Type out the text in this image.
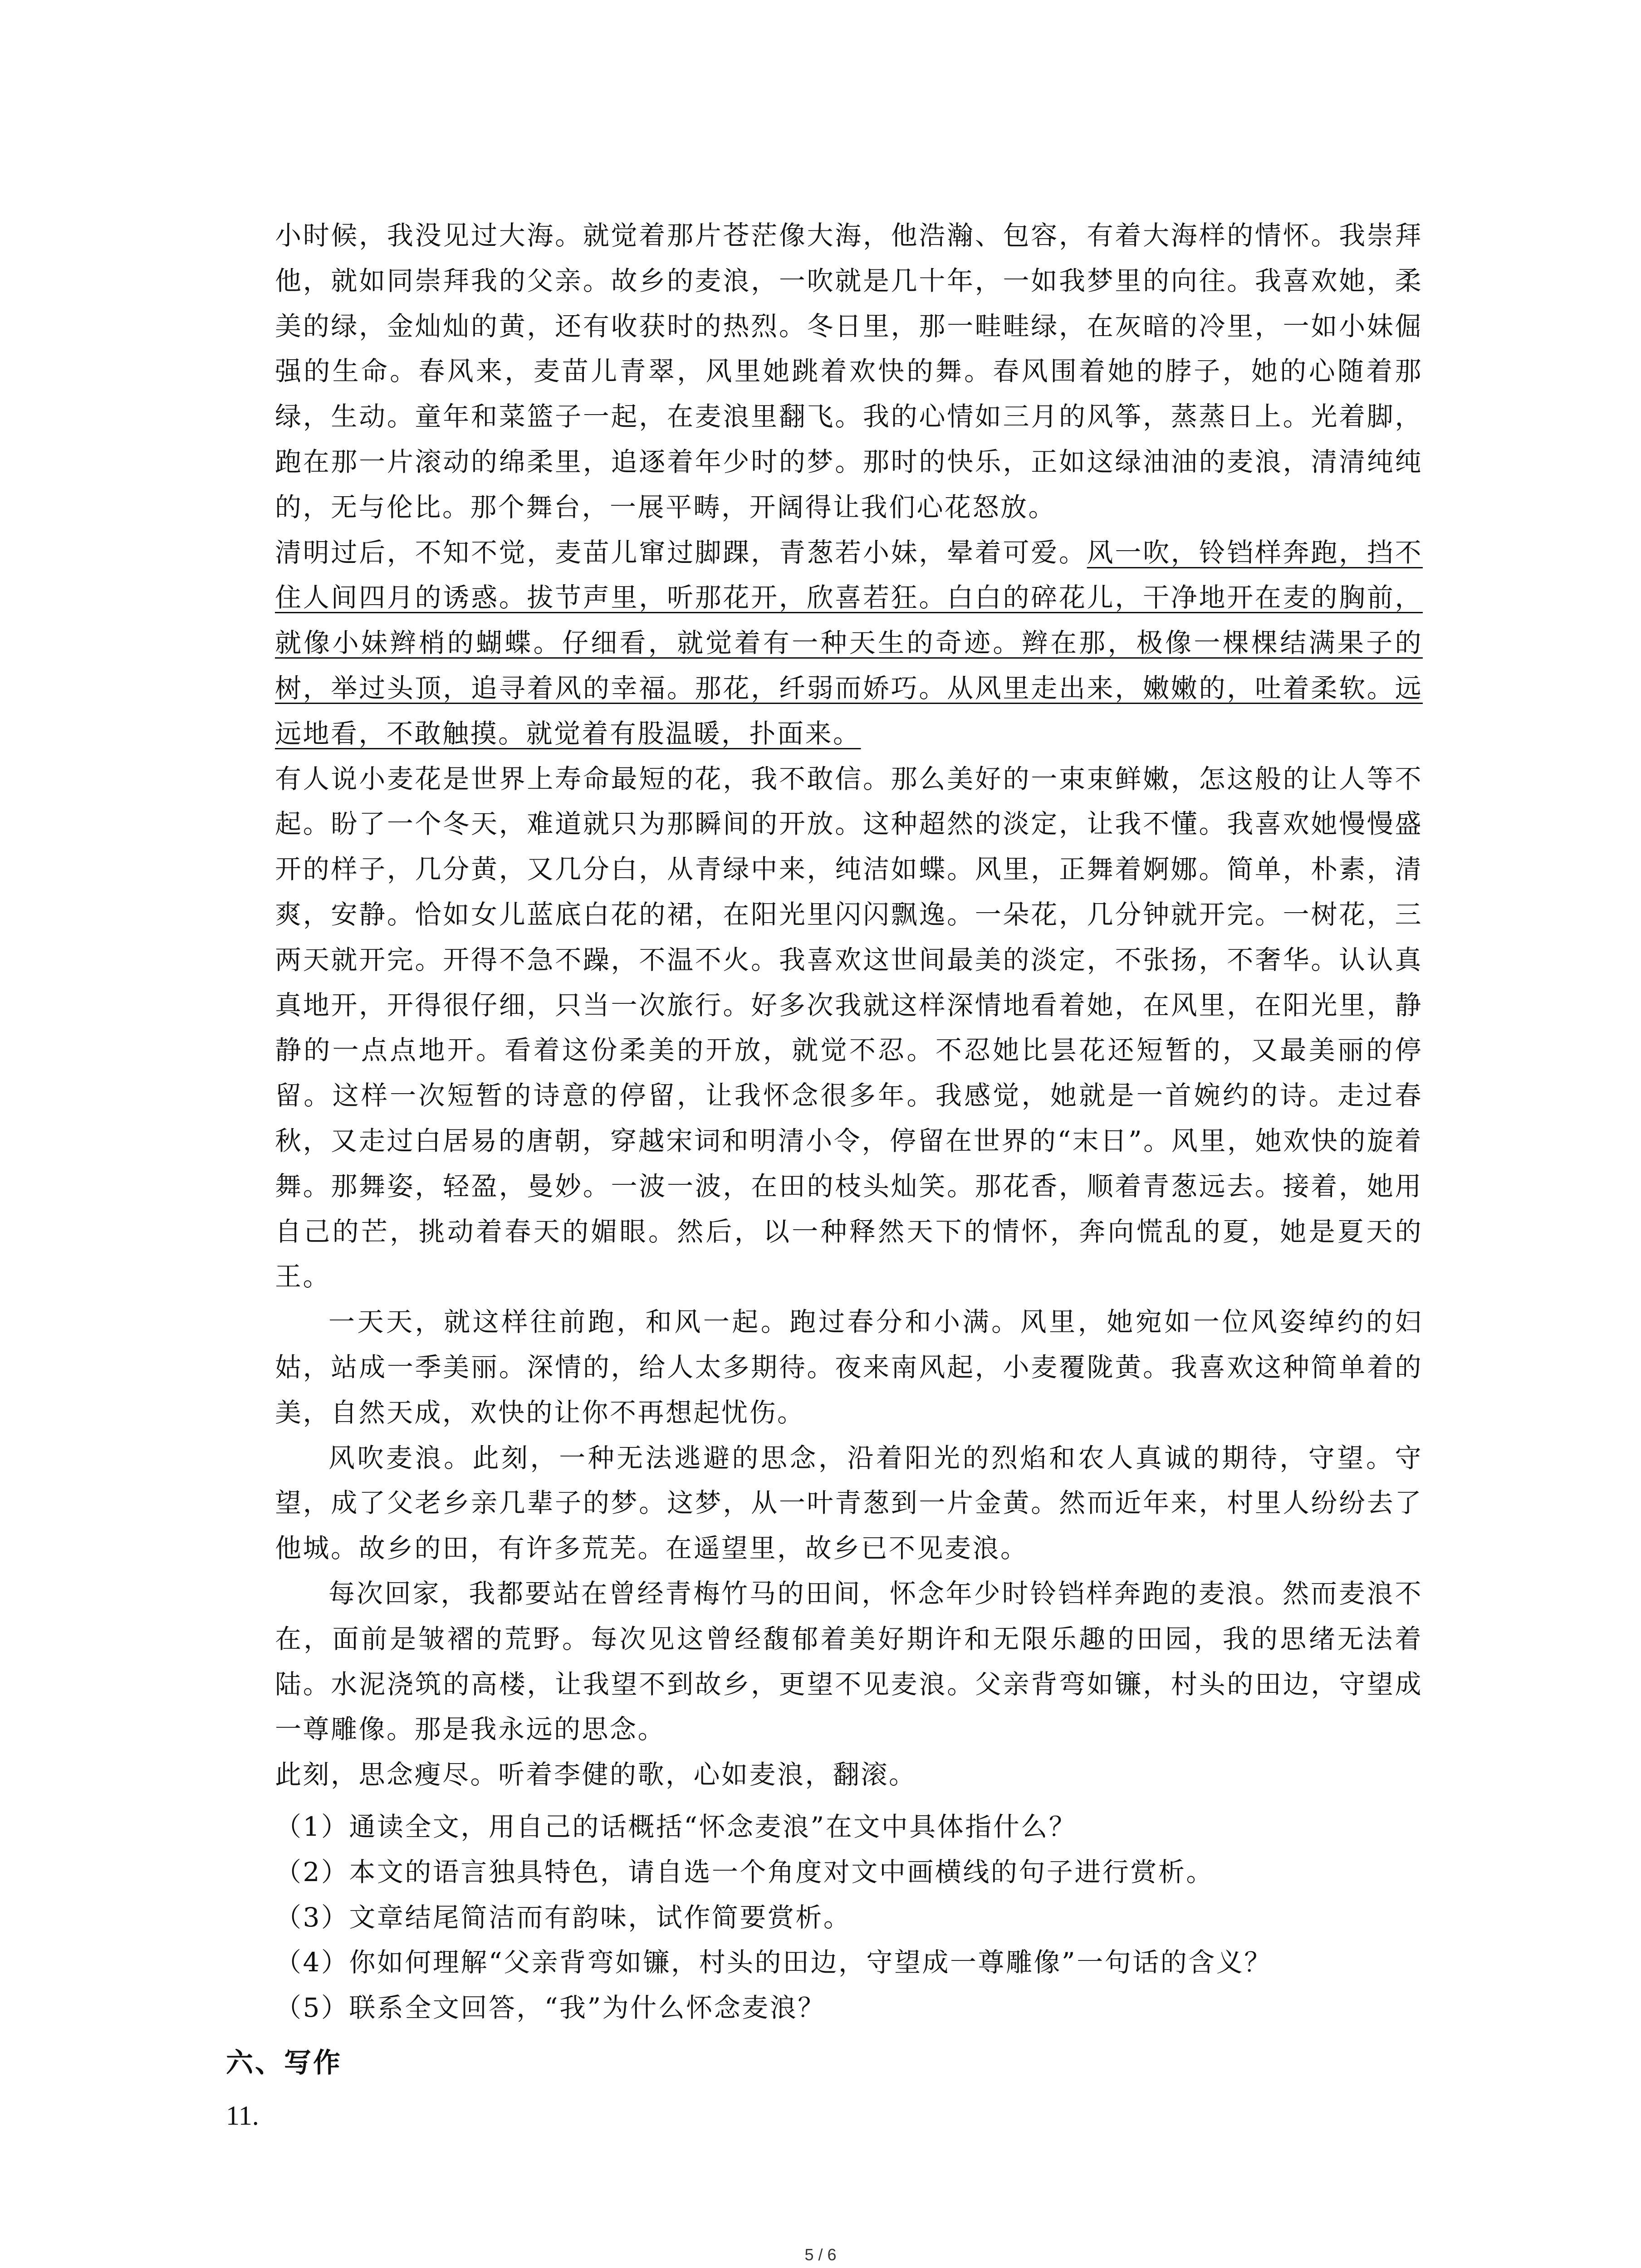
小时候，我没见过大海。就觉着那片苍茫像大海，他浩瀚、包容，有着大海样的情怀。我崇拜他，就如同崇拜我的父亲。故乡的麦浪，一吹就是几十年，一如我梦里的向往。我喜欢她，柔美的绿，金灿灿的黄，还有收获时的热烈。冬日里，那一畦畦绿，在灰暗的冷里，一如小妹倔强的生命。春风来，麦苗儿青翠，风里她跳着欢快的舞。春风围着她的脖子，她的心随着那绿，生动。童年和菜篮子一起，在麦浪里翻飞。我的心情如三月的风筝，蒸蒸日上。光着脚，跑在那一片滚动的绵柔里，追逐着年少时的梦。那时的快乐，正如这绿油油的麦浪，清清纯纯的，无与伦比。那个舞台，一展平畴，开阔得让我们心花怒放。

清明过后，不知不觉，麦苗儿窜过脚踝，青葱若小妹，晕着可爱。风一吹，铃铛样奔跑，挡不住人间四月的诱惑。拔节声里，听那花开，欣喜若狂。白白的碎花儿，干净地开在麦的胸前，就像小妹辫梢的蝴蝶。仔细看，就觉着有一种天生的奇迹。辫在那，极像一棵棵结满果子的树，举过头顶，追寻着风的幸福。那花，纤弱而娇巧。从风里走出来，嫩嫩的，吐着柔软。远远地看，不敢触摸。就觉着有股温暖，扑面来。

有人说小麦花是世界上寿命最短的花，我不敢信。那么美好的一束束鲜嫩，怎这般的让人等不起。盼了一个冬天，难道就只为那瞬间的开放。这种超然的淡定，让我不懂。我喜欢她慢慢盛开的样子，几分黄，又几分白，从青绿中来，纯洁如蝶。风里，正舞着婀娜。简单，朴素，清爽，安静。恰如女儿蓝底白花的裙，在阳光里闪闪飘逸。一朵花，几分钟就开完。一树花，三两天就开完。开得不急不躁，不温不火。我喜欢这世间最美的淡定，不张扬，不奢华。认认真真地开，开得很仔细，只当一次旅行。好多次我就这样深情地看着她，在风里，在阳光里，静静的一点点地开。看着这份柔美的开放，就觉不忍。不忍她比昙花还短暂的，又最美丽的停留。这样一次短暂的诗意的停留，让我怀念很多年。我感觉，她就是一首婉约的诗。走过春秋，又走过白居易的唐朝，穿越宋词和明清小令，停留在世界的“末日”。风里，她欢快的旋着舞。那舞姿，轻盈，曼妙。一波一波，在田的枝头灿笑。那花香，顺着青葱远去。接着，她用自己的芒，挑动着春天的媚眼。然后，以一种释然天下的情怀，奔向慌乱的夏，她是夏天的王。

一天天，就这样往前跑，和风一起。跑过春分和小满。风里，她宛如一位风姿绰约的妇姑，站成一季美丽。深情的，给人太多期待。夜来南风起，小麦覆陇黄。我喜欢这种简单着的美，自然天成，欢快的让你不再想起忧伤。

风吹麦浪。此刻，一种无法逃避的思念，沿着阳光的烈焰和农人真诚的期待，守望。守望，成了父老乡亲几辈子的梦。这梦，从一叶青葱到一片金黄。然而近年来，村里人纷纷去了他城。故乡的田，有许多荒芜。在遥望里，故乡已不见麦浪。

每次回家，我都要站在曾经青梅竹马的田间，怀念年少时铃铛样奔跑的麦浪。然而麦浪不在，面前是皱褶的荒野。每次见这曾经馥郁着美好期许和无限乐趣的田园，我的思绪无法着陆。水泥浇筑的高楼，让我望不到故乡，更望不见麦浪。父亲背弯如镰，村头的田边，守望成一尊雕像。那是我永远的思念。

此刻，思念瘦尽。听着李健的歌，心如麦浪，翻滚。

（1）通读全文，用自己的话概括“怀念麦浪”在文中具体指什么？
（2）本文的语言独具特色，请自选一个角度对文中画横线的句子进行赏析。
（3）文章结尾简洁而有韵味，试作简要赏析。
（4）你如何理解“父亲背弯如镰，村头的田边，守望成一尊雕像”一句话的含义？
（5）联系全文回答，“我”为什么怀念麦浪？
六、写作
11.
5 / 6
